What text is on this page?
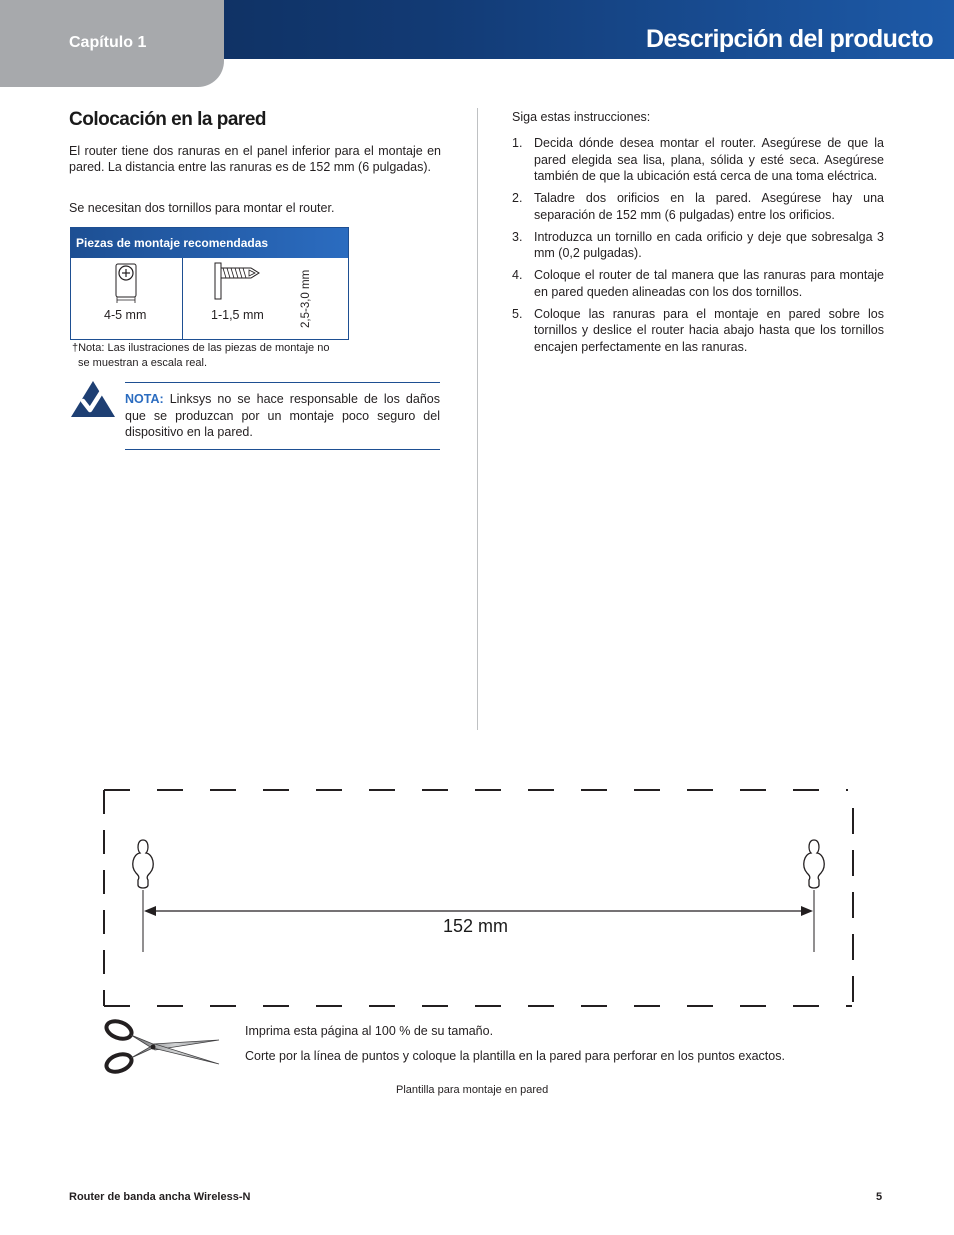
Capítulo 1	Descripción del producto
Colocación en la pared

El router tiene dos ranuras en el panel inferior para el montaje en pared. La distancia entre las ranuras es de 152 mm (6 pulgadas).

Se necesitan dos tornillos para montar el router.

Piezas de montaje recomendadas
4-5 mm	1-1,5 mm	2,5-3,0 mm
†Nota: Las ilustraciones de las piezas de montaje no
se muestran a escala real.

NOTA: Linksys no se hace responsable de los daños que se produzcan por un montaje poco seguro del dispositivo en la pared.

Siga estas instrucciones:

1. Decida dónde desea montar el router. Asegúrese de que la pared elegida sea lisa, plana, sólida y esté seca. Asegúrese también de que la ubicación está cerca de una toma eléctrica.
2. Taladre dos orificios en la pared. Asegúrese hay una separación de 152 mm (6 pulgadas) entre los orificios.
3. Introduzca un tornillo en cada orificio y deje que sobresalga 3 mm (0,2 pulgadas).
4. Coloque el router de tal manera que las ranuras para montaje en pared queden alineadas con los dos tornillos.
5. Coloque las ranuras para el montaje en pared sobre los tornillos y deslice el router hacia abajo hasta que los tornillos encajen perfectamente en las ranuras.
152 mm

Imprima esta página al 100 % de su tamaño.

Corte por la línea de puntos y coloque la plantilla en la pared para perforar en los puntos exactos.

Plantilla para montaje en pared

Router de banda ancha Wireless-N	5
